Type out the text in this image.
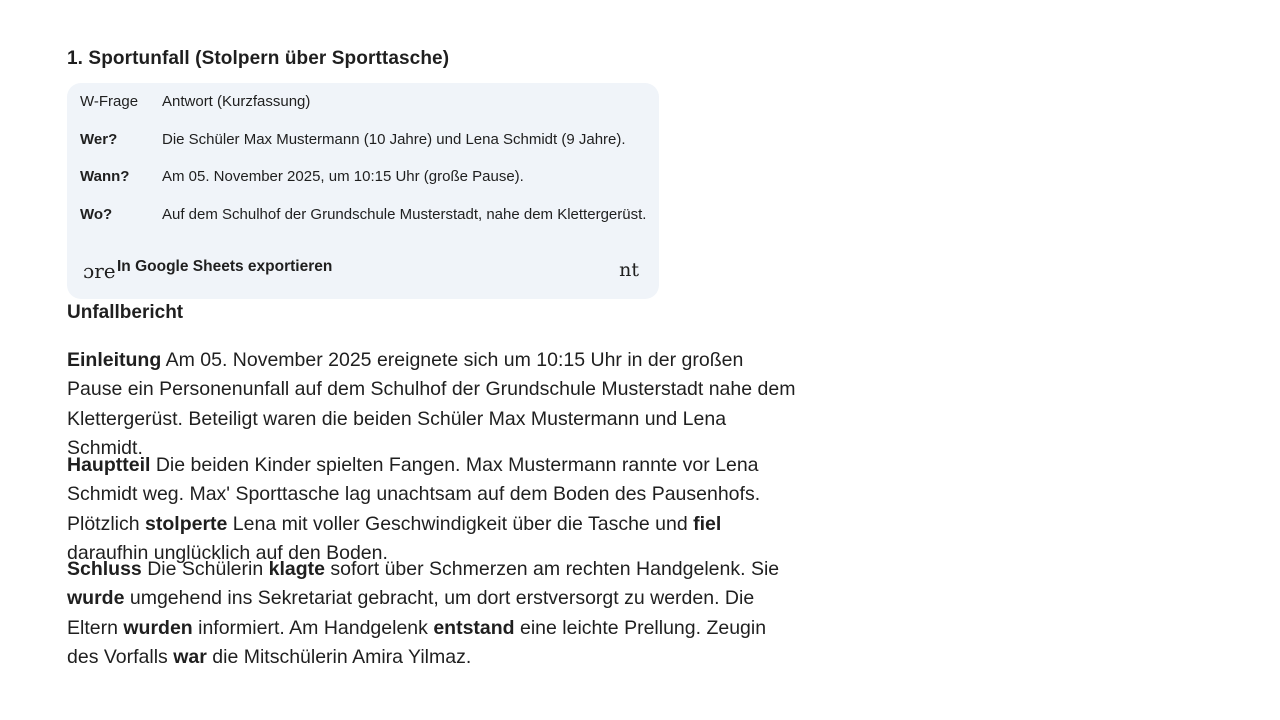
1. Sportunfall (Stolpern über Sporttasche)
W-Frage Antwort (Kurzfassung)
Wer?	Die Schüler Max Mustermann (10 Jahre) und Lena Schmidt (9 Jahre).
Wann? Am 05. November 2025, um 10:15 Uhr (große Pause).
Wo?	Auf dem Schulhof der Grundschule Musterstadt, nahe dem Klettergerüst.
ɔre In Google Sheets exportieren	nt
Unfallbericht
Einleitung Am 05. November 2025 ereignete sich um 10:15 Uhr in der großen Pause ein Personenunfall auf dem Schulhof der Grundschule Musterstadt nahe dem Klettergerüst. Beteiligt waren die beiden Schüler Max Mustermann und Lena Schmidt.
Hauptteil Die beiden Kinder spielten Fangen. Max Mustermann rannte vor Lena Schmidt weg. Max' Sporttasche lag unachtsam auf dem Boden des Pausenhofs. Plötzlich stolperte Lena mit voller Geschwindigkeit über die Tasche und fiel daraufhin unglücklich auf den Boden.
Schluss Die Schülerin klagte sofort über Schmerzen am rechten Handgelenk. Sie wurde umgehend ins Sekretariat gebracht, um dort erstversorgt zu werden. Die Eltern wurden informiert. Am Handgelenk entstand eine leichte Prellung. Zeugin des Vorfalls war die Mitschülerin Amira Yilmaz.
